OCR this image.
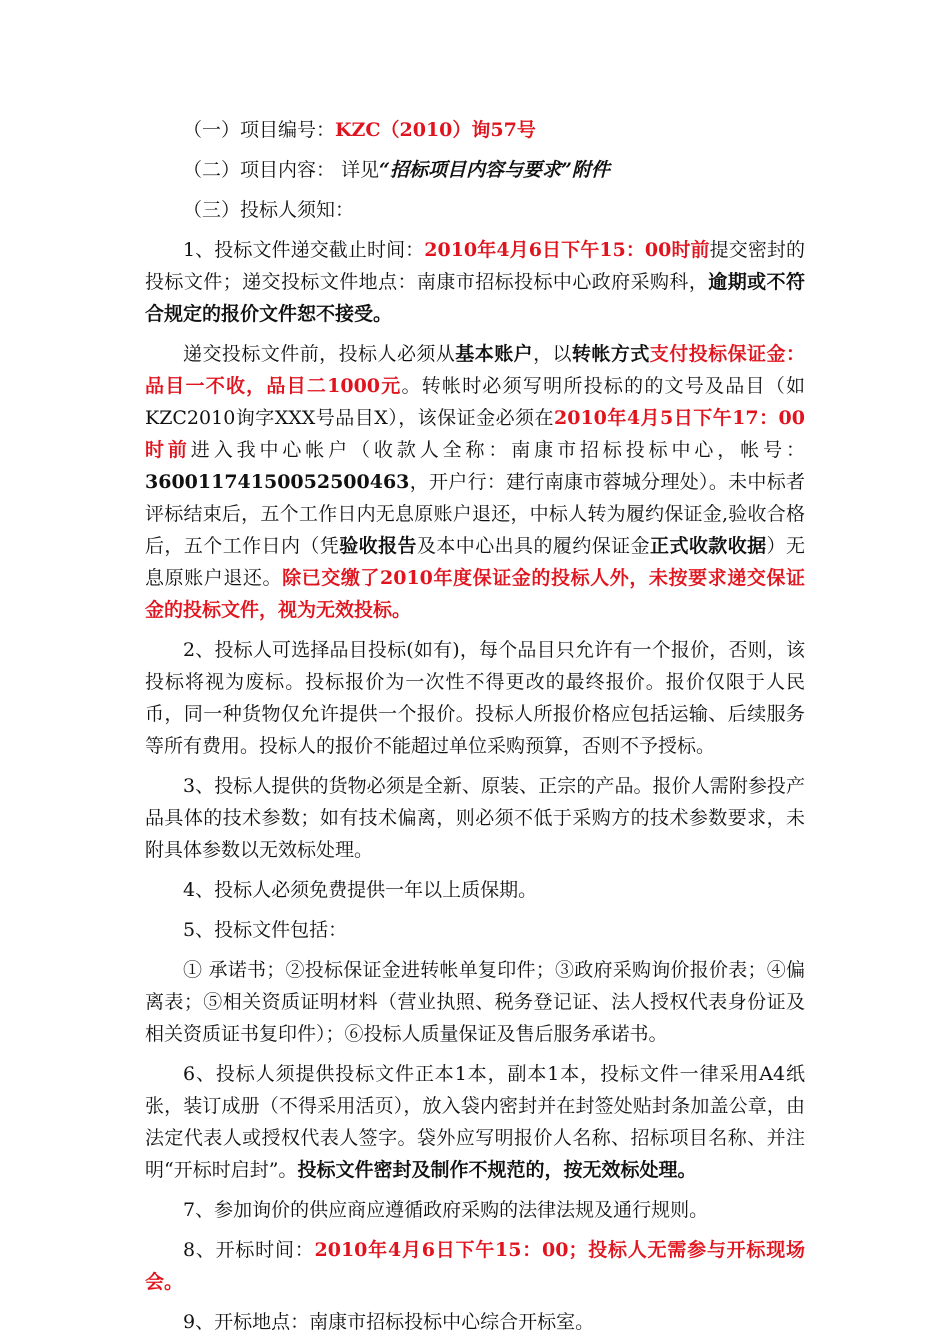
（一）项目编号：KZC（2010）询57号

（二）项目内容： 详见“招标项目内容与要求”附件

（三）投标人须知：

1、投标文件递交截止时间：2010年4月6日下午15：00时前提交密封的投标文件；递交投标文件地点：南康市招标投标中心政府采购科，逾期或不符合规定的报价文件恕不接受。

递交投标文件前，投标人必须从基本账户，以转帐方式支付投标保证金：品目一不收，品目二1000元。转帐时必须写明所投标的的文号及品目（如KZC2010询字XXX号品目X），该保证金必须在2010年4月5日下午17：00时前进入我中心帐户（收款人全称：南康市招标投标中心，帐号：36001174150052500463，开户行：建行南康市蓉城分理处）。未中标者评标结束后，五个工作日内无息原账户退还，中标人转为履约保证金,验收合格后，五个工作日内（凭验收报告及本中心出具的履约保证金正式收款收据）无息原账户退还。除已交缴了2010年度保证金的投标人外，未按要求递交保证金的投标文件，视为无效投标。

2、投标人可选择品目投标(如有)，每个品目只允许有一个报价，否则，该投标将视为废标。投标报价为一次性不得更改的最终报价。报价仅限于人民币，同一种货物仅允许提供一个报价。投标人所报价格应包括运输、后续服务等所有费用。投标人的报价不能超过单位采购预算，否则不予授标。

3、投标人提供的货物必须是全新、原装、正宗的产品。报价人需附参投产品具体的技术参数；如有技术偏离，则必须不低于采购方的技术参数要求，未附具体参数以无效标处理。

4、投标人必须免费提供一年以上质保期。

5、投标文件包括：

① 承诺书；②投标保证金进转帐单复印件；③政府采购询价报价表；④偏离表；⑤相关资质证明材料（营业执照、税务登记证、法人授权代表身份证及相关资质证书复印件）；⑥投标人质量保证及售后服务承诺书。

6、投标人须提供投标文件正本1本，副本1本，投标文件一律采用A4纸张，装订成册（不得采用活页），放入袋内密封并在封签处贴封条加盖公章，由法定代表人或授权代表人签字。袋外应写明报价人名称、招标项目名称、并注明“开标时启封”。投标文件密封及制作不规范的，按无效标处理。

7、参加询价的供应商应遵循政府采购的法律法规及通行规则。

8、开标时间：2010年4月6日下午15：00；投标人无需参与开标现场会。

9、开标地点：南康市招标投标中心综合开标室。
